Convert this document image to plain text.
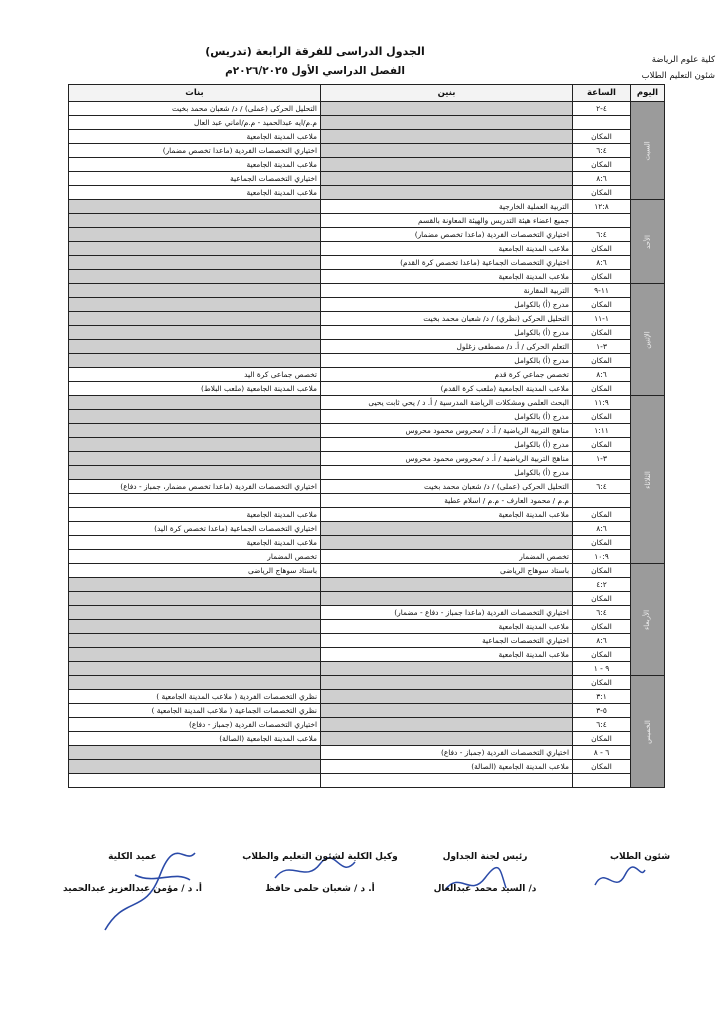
كلية علوم الرياضة
شئون التعليم الطلاب
الجدول الدراسى للفرقة الرابعة (تدريس)
الفصل الدراسي الأول ٢٠٢٦/٢٠٢٥م
اليوم	الساعة	بنين	بنات
السبت	٤-٢		التحليل الحركى (عملى) / د/ شعبان محمد بخيت
			م.م/ايه عبدالحميد - م.م/اماني عبد العال
	المكان		ملاعب المدينة الجامعية
	٦:٤		اختياري التخصصات الفردية (ماعدا تخصص مضمار)
	المكان		ملاعب المدينة الجامعية
	٨:٦		اختياري التخصصات الجماعية
	المكان		ملاعب المدينة الجامعية
الأحد	١٢:٨	التربية العملية الخارجية	
		جميع اعضاء هيئة التدريس والهيئة المعاونة بالقسم	
	٦:٤	اختياري التخصصات الفردية (ماعدا تخصص مضمار)	
	المكان	ملاعب المدينة الجامعية	
	٨:٦	اختياري التخصصات الجماعية (ماعدا تخصص كرة القدم)	
	المكان	ملاعب المدينة الجامعية	
الإثنين	١١-٩	التربية المقارنة	
	المكان	مدرج (أ) بالكوامل	
	١-١١	التحليل الحركى (نظري) / د/ شعبان محمد بخيت	
	المكان	مدرج (أ) بالكوامل	
	٣-١	التعلم الحركى / أ. د/ مصطفى زغلول	
	المكان	مدرج (أ) بالكوامل	
	٨:٦	تخصص جماعي كرة قدم	تخصص جماعى كرة اليد
	المكان	ملاعب المدينة الجامعية (ملعب كرة القدم)	ملاعب المدينة الجامعية (ملعب البلاط)
الثلاثاء	١١:٩	البحث العلمى ومشكلات الرياضة المدرسية / أ. د / يحي ثابت يحيى	
	المكان	مدرج (أ) بالكوامل	
	١:١١	مناهج التربية الرياضية / أ. د /محروس محمود محروس	
	المكان	مدرج (أ) بالكوامل	
	٣-١	مناهج التربية الرياضية / أ. د /محروس محمود محروس	
		مدرج (أ) بالكوامل	
	٦:٤	التحليل الحركى (عملى) / د/ شعبان محمد بخيت	اختياري التخصصات الفردية (ماعدا تخصص مضمار، جمباز - دفاع)
		م.م / محمود العارف - م.م / اسلام عطية	
	المكان	ملاعب المدينة الجامعية	ملاعب المدينة الجامعية
	٨:٦		اختياري التخصصات الجماعية (ماعدا تخصص كرة اليد)
	المكان		ملاعب المدينة الجامعية
	١٠:٩	تخصص المضمار	تخصص المضمار
الأربعاء	المكان	باستاد سوهاج الرياضى	باستاد سوهاج الرياضى
	٤:٢		
	المكان		
	٦:٤	اختياري التخصصات الفردية (ماعدا جمباز - دفاع - مضمار)	
	المكان	ملاعب المدينة الجامعية	
	٨:٦	اختياري التخصصات الجماعية	
	المكان	ملاعب المدينة الجامعية	
	٩ - ١		
الخميس	المكان		
	٣:١		نظري التخصصات الفردية ( ملاعب المدينة الجامعية )
	٥-٣		نظري التخصصات الجماعية ( ملاعب المدينة الجامعية )
	٦:٤		اختياري التخصصات الفردية (جمباز - دفاع)
	المكان		ملاعب المدينة الجامعية (الصالة)
	٦ - ٨	اختياري التخصصات الفردية (جمباز - دفاع)	
	المكان	ملاعب المدينة الجامعية (الصالة)	

شئون الطلاب
رئيس لجنة الجداول
د/ السيد محمد عبدالعال
وكيل الكلية لشئون التعليم والطلاب
أ. د / شعبان حلمى حافظ
عميد الكلية
أ. د / مؤمن عبدالعزيز عبدالحميد
